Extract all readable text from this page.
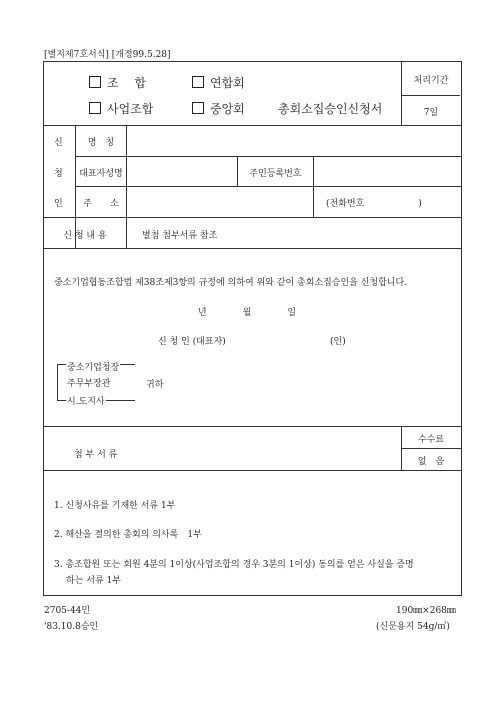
[별지제7호서식] [개정99.5.28]
조　 합	연합회
사업조합	중앙회	총회소집승인신청서
처리기간
7일
신
청
인
명　칭
대표자성명	주민등록번호
주　　소	(전화번호　　　　　　)
신 청 내 용	별첨 첨부서류 참조
중소기업협동조합법 제38조제3항의 규정에 의하여 위와 같이 총회소집승인을 신청합니다.
년　　　　월　　　　일
신 청 인 (대표자)	(인)
중소기업청장
주무부장관
시.도지사
귀하
첨 부 서 류
수수료
없　음
1. 신청사유를 기재한 서류 1부
2. 해산을 결의한 총회의 의사록　1부
3. 총조합원 또는 회원 4분의 1이상(사업조합의 경우 3분의 1이상) 동의를 얻은 사실을 증명
하는 서류 1부
2705-44민
'83.10.8승인
190㎜×268㎜
(신문용지 54g/㎡)
